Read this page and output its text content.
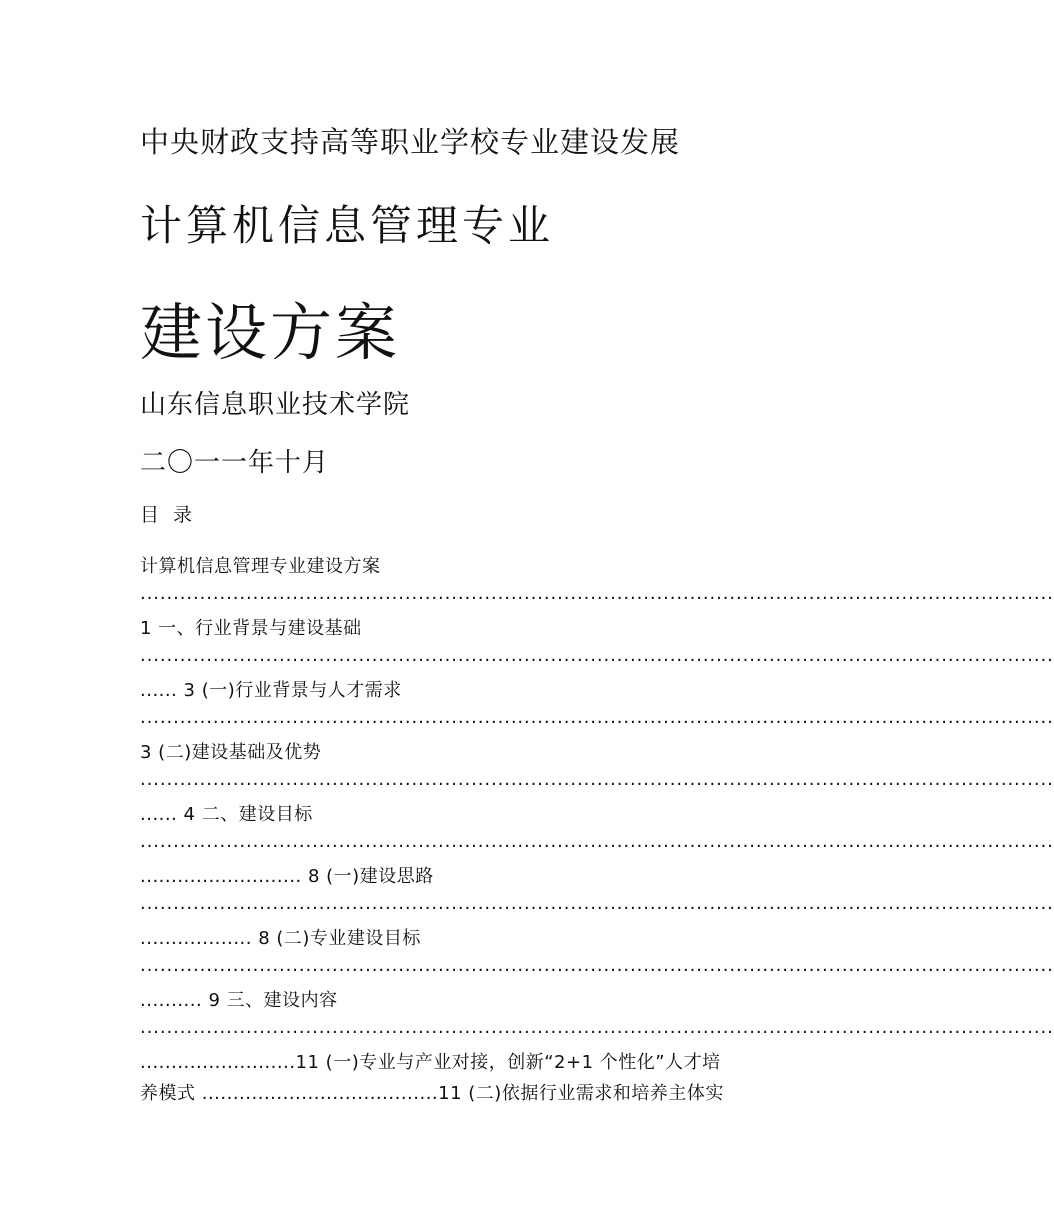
中央财政支持高等职业学校专业建设发展
计算机信息管理专业
建设方案
山东信息职业技术学院
二〇一一年十月
目 录
计算机信息管理专业建设方案
1 一、行业背景与建设基础
...... 3 (一)行业背景与人才需求
3 (二)建设基础及优势
...... 4 二、建设目标
.......................... 8 (一)建设思路
.................. 8 (二)专业建设目标
.......... 9 三、建设内容
.........................11 (一)专业与产业对接，创新“2+1 个性化”人才培
养模式 ......................................11 (二)依据行业需求和培养主体实
..........................................................................................................................................
..........................................................................................................................................
..........................................................................................................................................
..........................................................................................................................................
..........................................................................................................................................
..........................................................................................................................................
..........................................................................................................................................
..........................................................................................................................................
